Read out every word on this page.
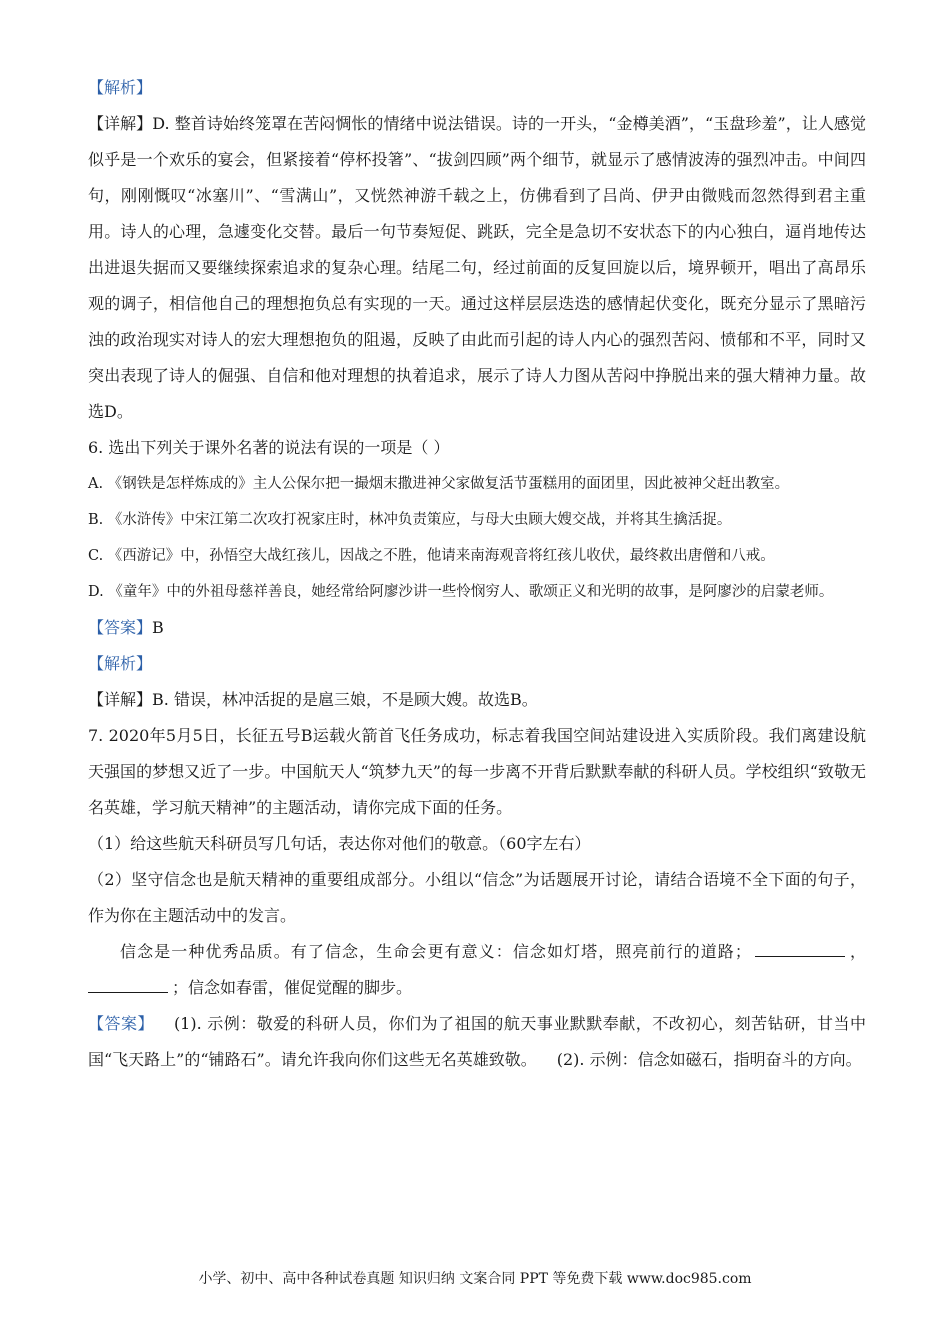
【解析】

【详解】D. 整首诗始终笼罩在苦闷惆怅的情绪中说法错误。诗的一开头，“金樽美酒”，“玉盘珍羞”，让人感觉似乎是一个欢乐的宴会，但紧接着“停杯投箸”、“拔剑四顾”两个细节，就显示了感情波涛的强烈冲击。中间四句，刚刚慨叹“冰塞川”、“雪满山”，又恍然神游千载之上，仿佛看到了吕尚、伊尹由微贱而忽然得到君主重用。诗人的心理，急遽变化交替。最后一句节奏短促、跳跃，完全是急切不安状态下的内心独白，逼肖地传达出进退失据而又要继续探索追求的复杂心理。结尾二句，经过前面的反复回旋以后，境界顿开，唱出了高昂乐观的调子，相信他自己的理想抱负总有实现的一天。通过这样层层迭迭的感情起伏变化，既充分显示了黑暗污浊的政治现实对诗人的宏大理想抱负的阻遏，反映了由此而引起的诗人内心的强烈苦闷、愤郁和不平，同时又突出表现了诗人的倔强、自信和他对理想的执着追求，展示了诗人力图从苦闷中挣脱出来的强大精神力量。故选D。

6. 选出下列关于课外名著的说法有误的一项是（ ）

A. 《钢铁是怎样炼成的》主人公保尔把一撮烟末撒进神父家做复活节蛋糕用的面团里，因此被神父赶出教室。

B. 《水浒传》中宋江第二次攻打祝家庄时，林冲负责策应，与母大虫顾大嫂交战，并将其生擒活捉。

C. 《西游记》中，孙悟空大战红孩儿，因战之不胜，他请来南海观音将红孩儿收伏，最终救出唐僧和八戒。

D. 《童年》中的外祖母慈祥善良，她经常给阿廖沙讲一些怜悯穷人、歌颂正义和光明的故事，是阿廖沙的启蒙老师。

【答案】B

【解析】

【详解】B. 错误，林冲活捉的是扈三娘，不是顾大嫂。故选B。

7. 2020年5月5日，长征五号B运载火箭首飞任务成功，标志着我国空间站建设进入实质阶段。我们离建设航天强国的梦想又近了一步。中国航天人“筑梦九天”的每一步离不开背后默默奉献的科研人员。学校组织“致敬无名英雄，学习航天精神”的主题活动，请你完成下面的任务。

（1）给这些航天科研员写几句话，表达你对他们的敬意。（60字左右）

（2）坚守信念也是航天精神的重要组成部分。小组以“信念”为话题展开讨论，请结合语境不全下面的句子，作为你在主题活动中的发言。

信念是一种优秀品质。有了信念，生命会更有意义：信念如灯塔，照亮前行的道路；	，；信念如春雷，催促觉醒的脚步。

【答案】 (1). 示例：敬爱的科研人员，你们为了祖国的航天事业默默奉献，不改初心，刻苦钻研，甘当中国“飞天路上”的“铺路石”。请允许我向你们这些无名英雄致敬。 (2). 示例：信念如磁石，指明奋斗的方向。

小学、初中、高中各种试卷真题 知识归纳 文案合同 PPT 等免费下载 www.doc985.com
